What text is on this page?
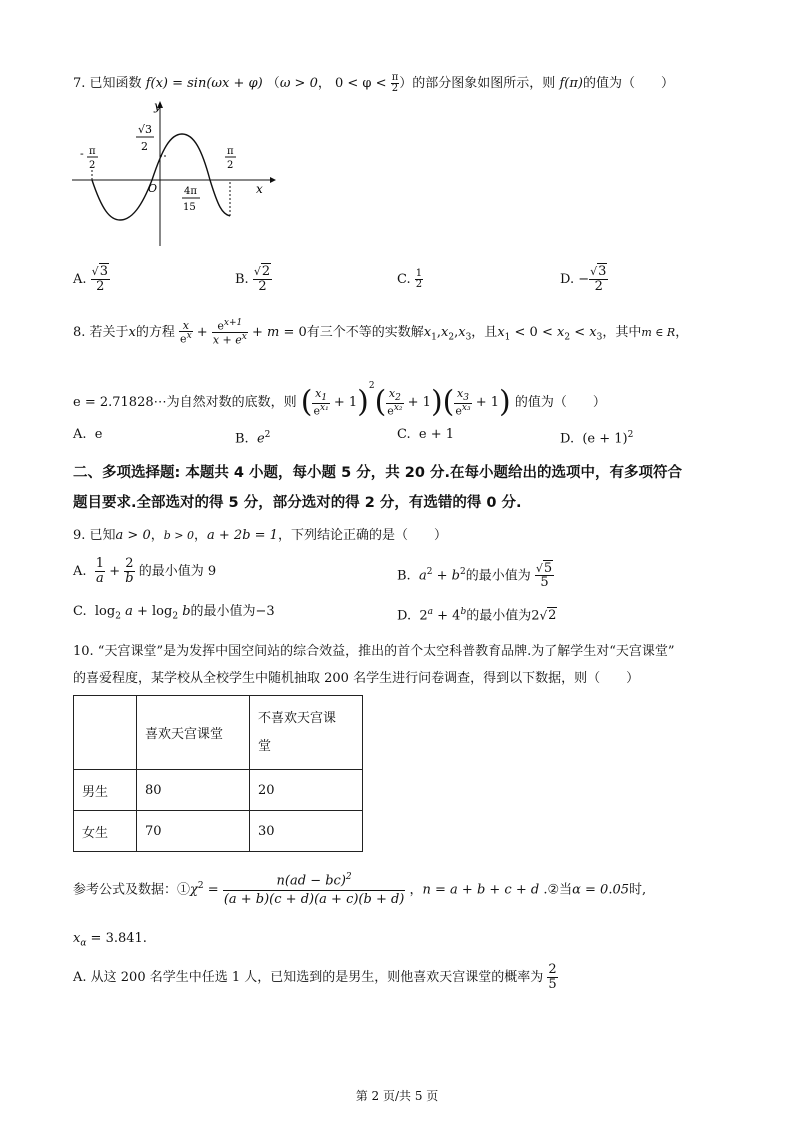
7. 已知函数 f(x) = sin(ωx + φ) （ω > 0， $0 < \varphi < \frac{\pi}{2}$ ）的部分图象如图所示，则 f(π)的值为（　　）
y
x
O
- π
2
π
2
√3
2
4π
15
A. $\frac{√3}{2}$	B. $\frac{√2}{2}$	C. $\frac{1}{2}$	D. − $\frac{√3}{2}$
8. 若关于x的方程 $\frac{x}{e^x} + \frac{e^{x+1}}{x + e^x} + m = 0$有三个不等的实数解$x_1,x_2,x_3$，且$x_1 < 0 < x_2 < x_3$，其中m ∈ R，
e = 2.71828⋯为自然对数的底数，则 ( $\frac{x_1}{e^{x_1}} + 1)^2( \frac{x_2}{e^{x_2}} + 1)( \frac{x_3}{e^{x_3}} + 1)$ 的值为（　　）
A. e	B. $e^2$	C. e + 1	D.  $(e + 1)^2$
二、多项选择题: 本题共 4 小题，每小题 5 分，共 20 分.在每小题给出的选项中，有多项符合
题目要求.全部选对的得 5 分，部分选对的得 2 分，有选错的得 0 分.
9. 已知a > 0，b > 0，a + 2b = 1，下列结论正确的是（　　）
A. $\frac{1}{a} + \frac{2}{b}$ 的最小值为 9	B. $a^2 + b^2$的最小值为 $\frac{√5}{5}$
C.  $\log_2 a + \log_2 b$的最小值为−3	D.  $2^a + 4^b$的最小值为2√2
10. “天宫课堂”是为发挥中国空间站的综合效益，推出的首个太空科普教育品牌.为了解学生对“天宫课堂”
的喜爱程度，某学校从全校学生中随机抽取 200 名学生进行问卷调查，得到以下数据，则（　　）
	喜欢天宫课堂	不喜欢天宫课
堂
男生	80	20
女生	70	30
参考公式及数据：$①\chi^2 = \frac{n(ad - bc)^2}{(a + b)(c + d)(a + c)(b + d)}$ ，n = a + b + c + d .②当α = 0.05时,
$x_\alpha = 3.841$.
A. 从这 200 名学生中任选 1 人，已知选到的是男生，则他喜欢天宫课堂的概率为 $\frac{2}{5}$
第 2 页/共 5 页
